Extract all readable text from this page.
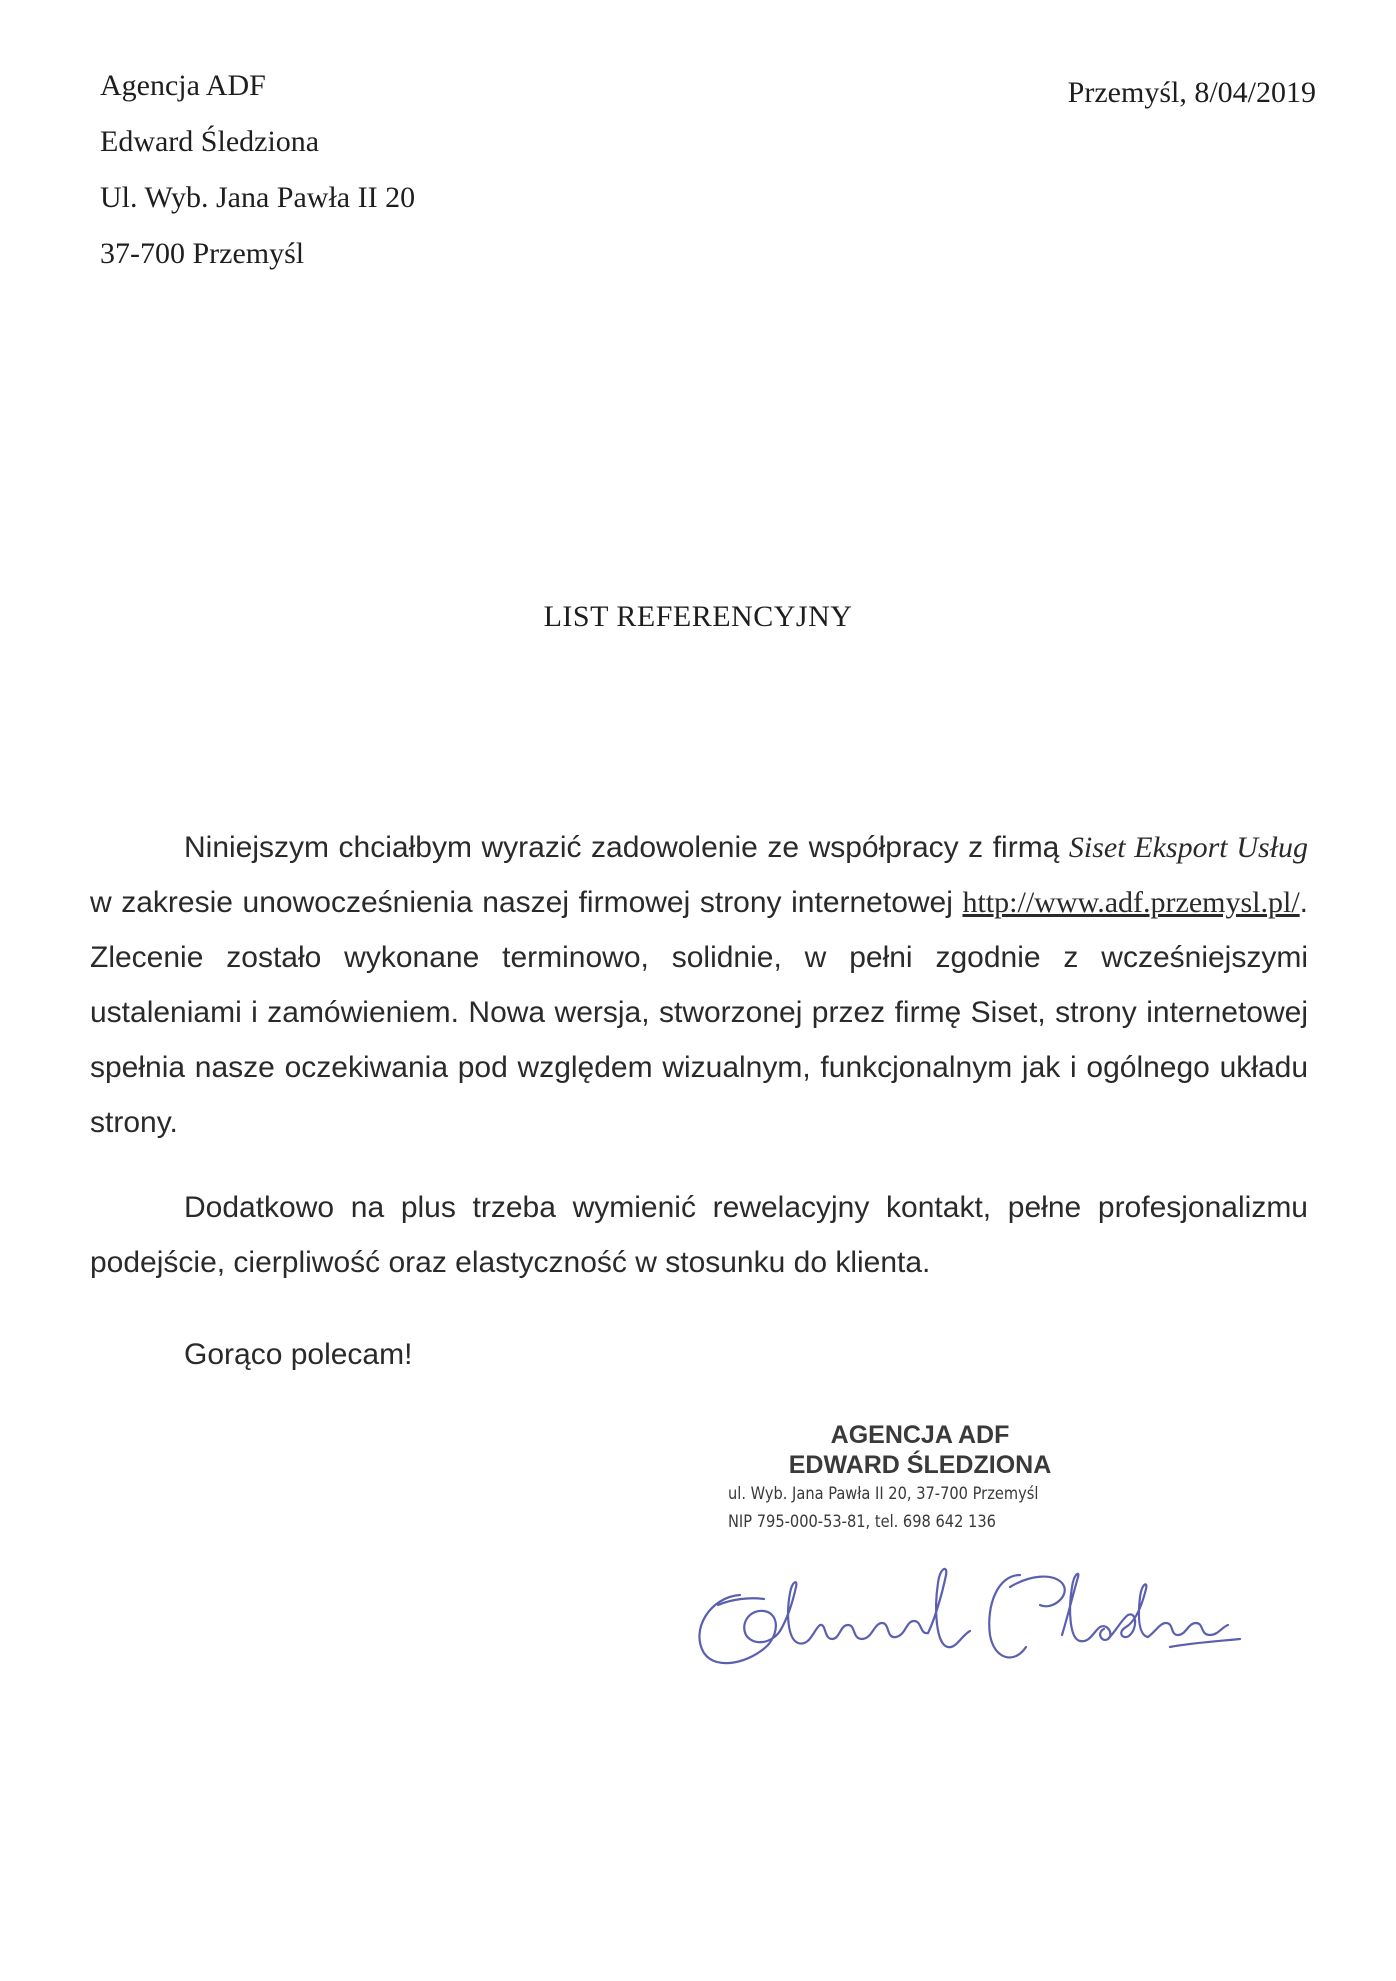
Agencja ADF
Edward Śledziona
Ul. Wyb. Jana Pawła II 20
37-700 Przemyśl
Przemyśl, 8/04/2019
LIST REFERENCYJNY

Niniejszym chciałbym wyrazić zadowolenie ze współpracy z firmą Siset Eksport Usług w zakresie unowocześnienia naszej firmowej strony internetowej http://www.adf.przemysl.pl/. Zlecenie zostało wykonane terminowo, solidnie, w pełni zgodnie z wcześniejszymi ustaleniami i zamówieniem. Nowa wersja, stworzonej przez firmę Siset, strony internetowej spełnia nasze oczekiwania pod względem wizualnym, funkcjonalnym jak i ogólnego układu strony.

Dodatkowo na plus trzeba wymienić rewelacyjny kontakt, pełne profesjonalizmu podejście, cierpliwość oraz elastyczność w stosunku do klienta.

Gorąco polecam!
AGENCJA ADF
EDWARD ŚLEDZIONA
ul. Wyb. Jana Pawła II 20, 37-700 Przemyśl
NIP 795-000-53-81, tel. 698 642 136
